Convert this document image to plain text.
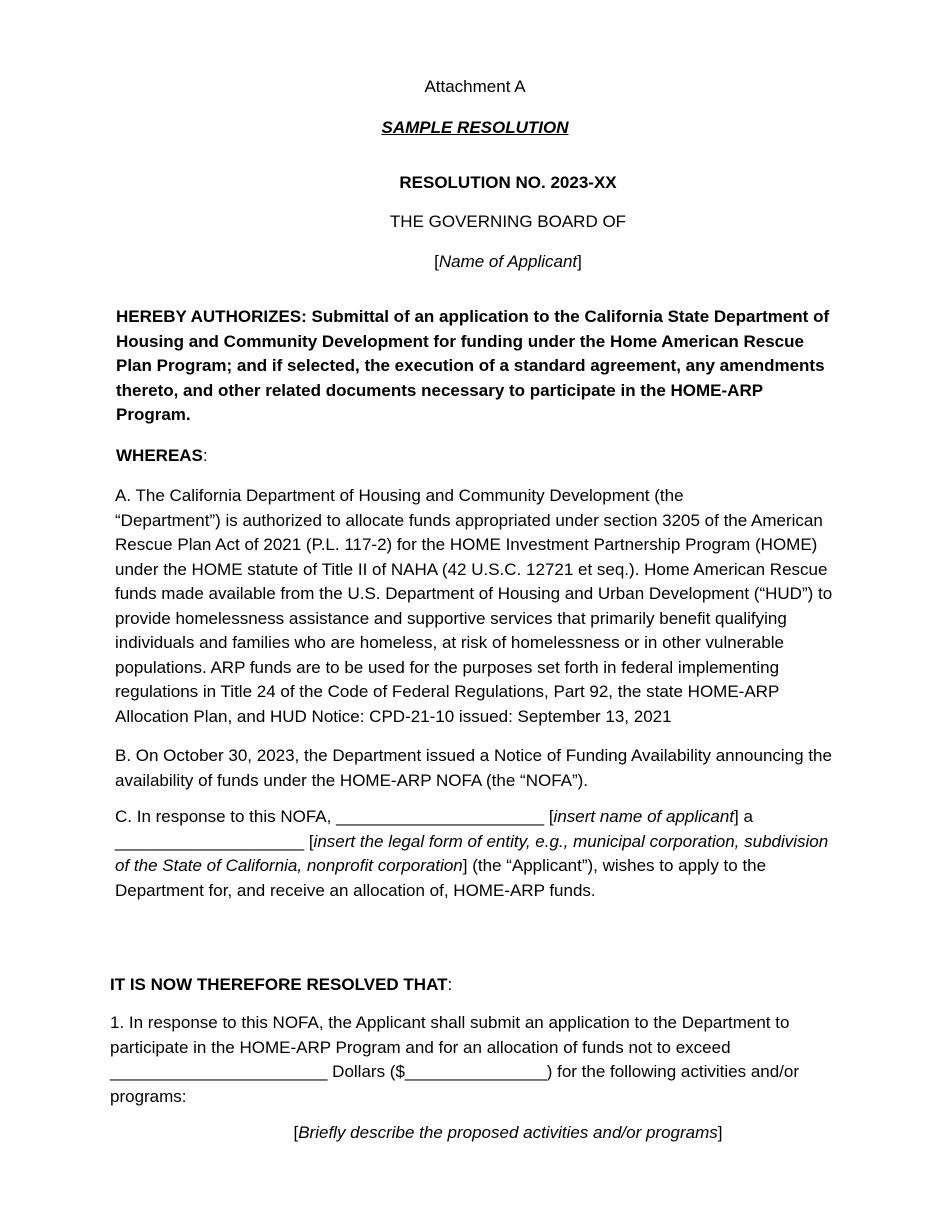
Attachment A
SAMPLE RESOLUTION
RESOLUTION NO. 2023-XX
THE GOVERNING BOARD OF
[Name of Applicant]
HEREBY AUTHORIZES: Submittal of an application to the California State Department of
Housing and Community Development for funding under the Home American Rescue
Plan Program; and if selected, the execution of a standard agreement, any amendments
thereto, and other related documents necessary to participate in the HOME-ARP
Program.
WHEREAS:
A. The California Department of Housing and Community Development (the
“Department”) is authorized to allocate funds appropriated under section 3205 of the American
Rescue Plan Act of 2021 (P.L. 117-2) for the HOME Investment Partnership Program (HOME)
under the HOME statute of Title II of NAHA (42 U.S.C. 12721 et seq.). Home American Rescue
funds made available from the U.S. Department of Housing and Urban Development (“HUD”) to
provide homelessness assistance and supportive services that primarily benefit qualifying
individuals and families who are homeless, at risk of homelessness or in other vulnerable
populations. ARP funds are to be used for the purposes set forth in federal implementing
regulations in Title 24 of the Code of Federal Regulations, Part 92, the state HOME-ARP
Allocation Plan, and HUD Notice: CPD-21-10 issued: September 13, 2021
B. On October 30, 2023, the Department issued a Notice of Funding Availability announcing the
availability of funds under the HOME-ARP NOFA (the “NOFA”).
C. In response to this NOFA, ______________________ [insert name of applicant] a
____________________ [insert the legal form of entity, e.g., municipal corporation, subdivision
of the State of California, nonprofit corporation] (the “Applicant”), wishes to apply to the
Department for, and receive an allocation of, HOME-ARP funds.
IT IS NOW THEREFORE RESOLVED THAT:
1. In response to this NOFA, the Applicant shall submit an application to the Department to
participate in the HOME-ARP Program and for an allocation of funds not to exceed
_______________________ Dollars ($_______________) for the following activities and/or
programs:
[Briefly describe the proposed activities and/or programs]
